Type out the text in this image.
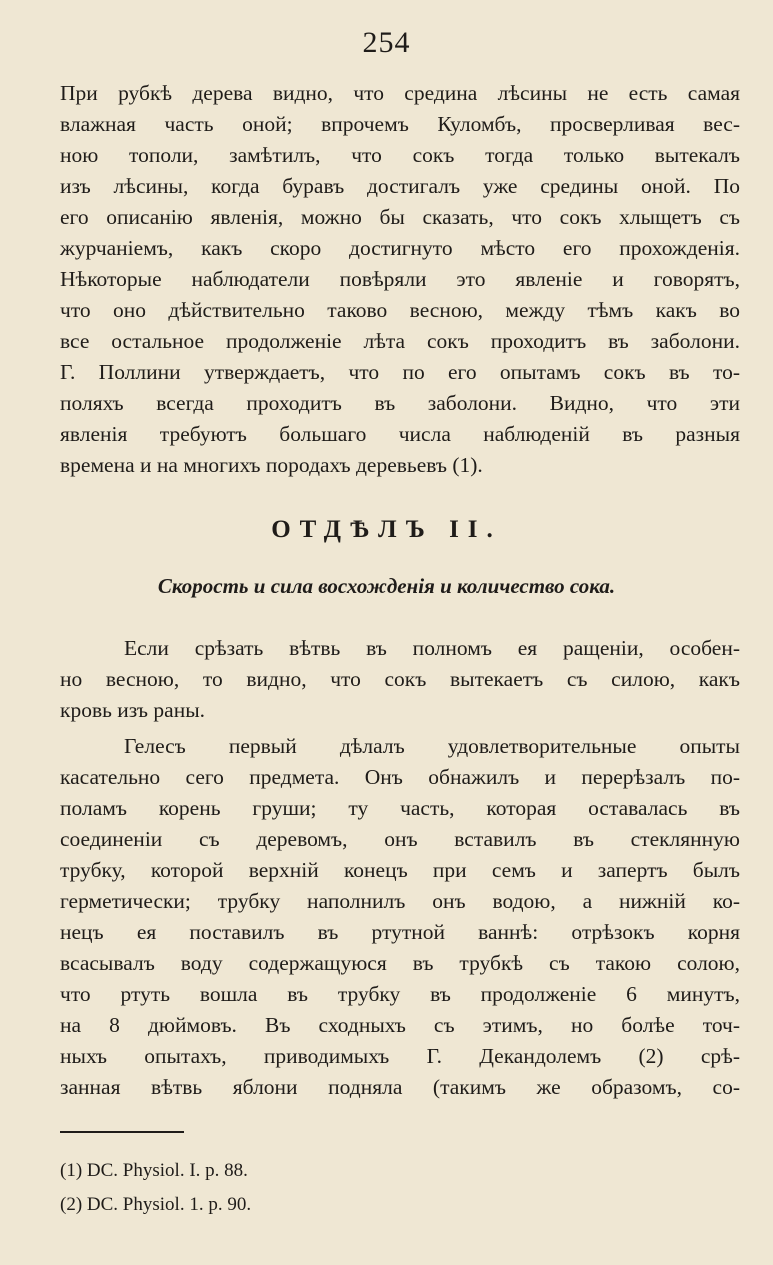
254
При рубкѣ дерева видно, что средина лѣсины не есть самая
влажная часть оной; впрочемъ Куломбъ, просверливая вес-
ною тополи, замѣтилъ, что сокъ тогда только вытекалъ
изъ лѣсины, когда буравъ достигалъ уже средины оной. По
его описанію явленія, можно бы сказать, что сокъ хлыщетъ съ
журчаніемъ, какъ скоро достигнуто мѣсто его прохожденія.
Нѣкоторые наблюдатели повѣряли это явленіе и говорятъ,
что оно дѣйствительно таково весною, между тѣмъ какъ во
все остальное продолженіе лѣта сокъ проходитъ въ заболони.
Г. Поллини утверждаетъ, что по его опытамъ сокъ въ то-
поляхъ всегда проходитъ въ заболони. Видно, что эти
явленія требуютъ большаго числа наблюденій въ разныя
времена и на многихъ породахъ деревьевъ (1).
ОТДѢЛЪ II.
Скорость и сила восхожденія и количество сока.
Если срѣзать вѣтвь въ полномъ ея ращеніи, особен-
но весною, то видно, что сокъ вытекаетъ съ силою, какъ
кровь изъ раны.
Гелесъ первый дѣлалъ удовлетворительные опыты
касательно сего предмета. Онъ обнажилъ и перерѣзалъ по-
поламъ корень груши; ту часть, которая оставалась въ
соединеніи съ деревомъ, онъ вставилъ въ стеклянную
трубку, которой верхній конецъ при семъ и запертъ былъ
герметически; трубку наполнилъ онъ водою, а нижній ко-
нецъ ея поставилъ въ ртутной ваннѣ: отрѣзокъ корня
всасывалъ воду содержащуюся въ трубкѣ съ такою солою,
что ртуть вошла въ трубку въ продолженіе 6 минутъ,
на 8 дюймовъ. Въ сходныхъ съ этимъ, но болѣе точ-
ныхъ опытахъ, приводимыхъ Г. Декандолемъ (2) срѣ-
занная вѣтвь яблони подняла (такимъ же образомъ, со-
(1) DC. Physiol. I. p. 88.
(2) DC. Physiol. 1. p. 90.
